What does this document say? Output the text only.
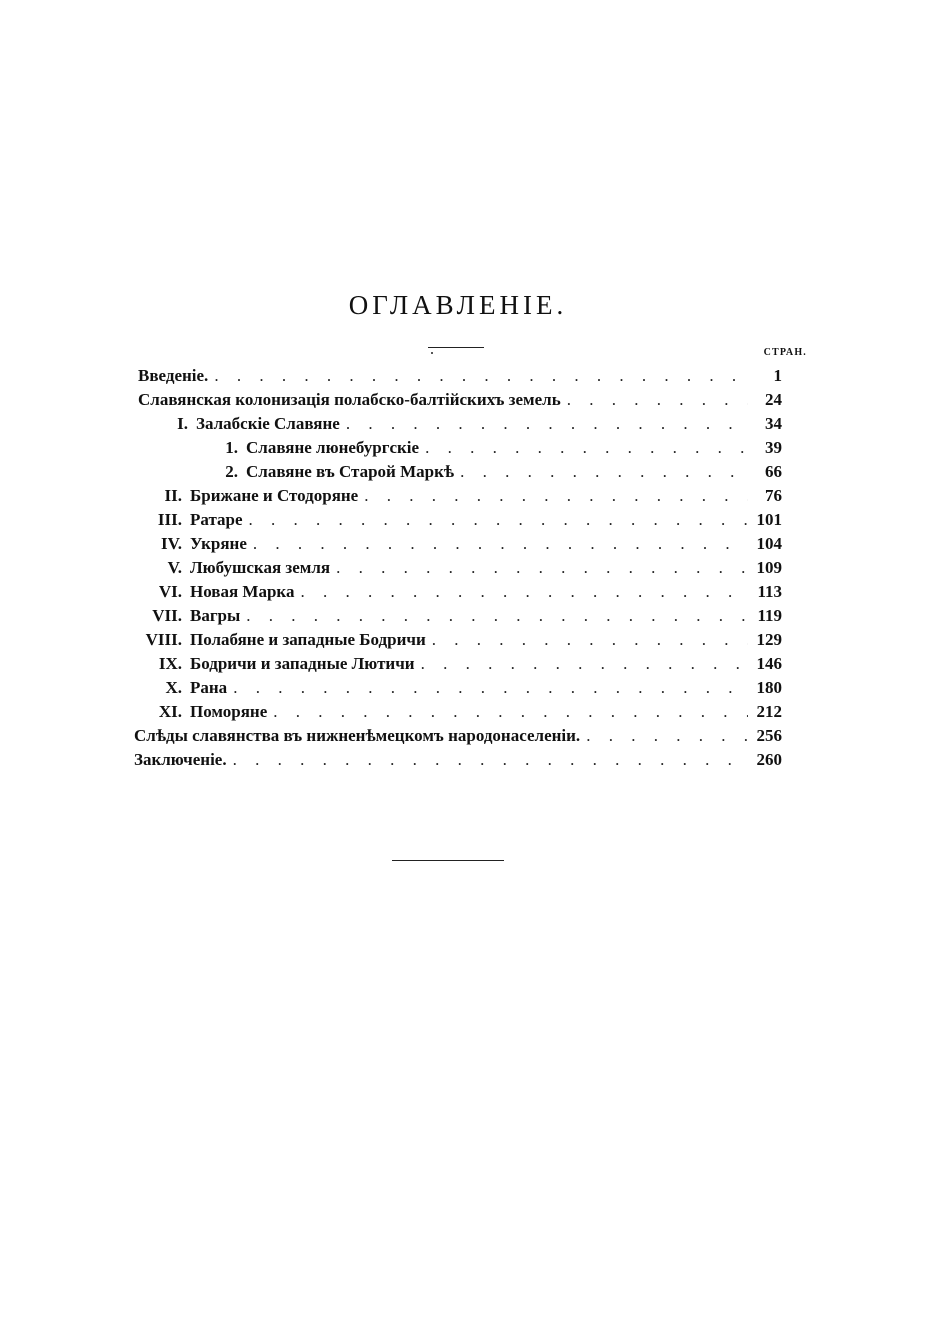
ОГЛАВЛЕНІЕ.
СТРАН.
Введеніе. . . .	1
Славянская колонизація полабско-балтійскихъ земель . . .	24
I. Залабскіе Славяне . . .	34
1. Славяне люнебургскіе . . .	39
2. Славяне въ Старой Маркѣ . . .	66
II. Брижане и Стодоряне . . .	76
III. Ратаре . . .	101
IV. Укряне . . .	104
V. Любушская земля . . .	109
VI. Новая Марка . . .	113
VII. Вагры . . .	119
VIII. Полабяне и западные Бодричи . . .	129
IX. Бодричи и западные Лютичи . . .	146
X. Рана . . .	180
XI. Поморяне . . .	212
Слѣды славянства въ нижненѣмецкомъ народонаселеніи. . . .	256
Заключеніе. . . .	260
